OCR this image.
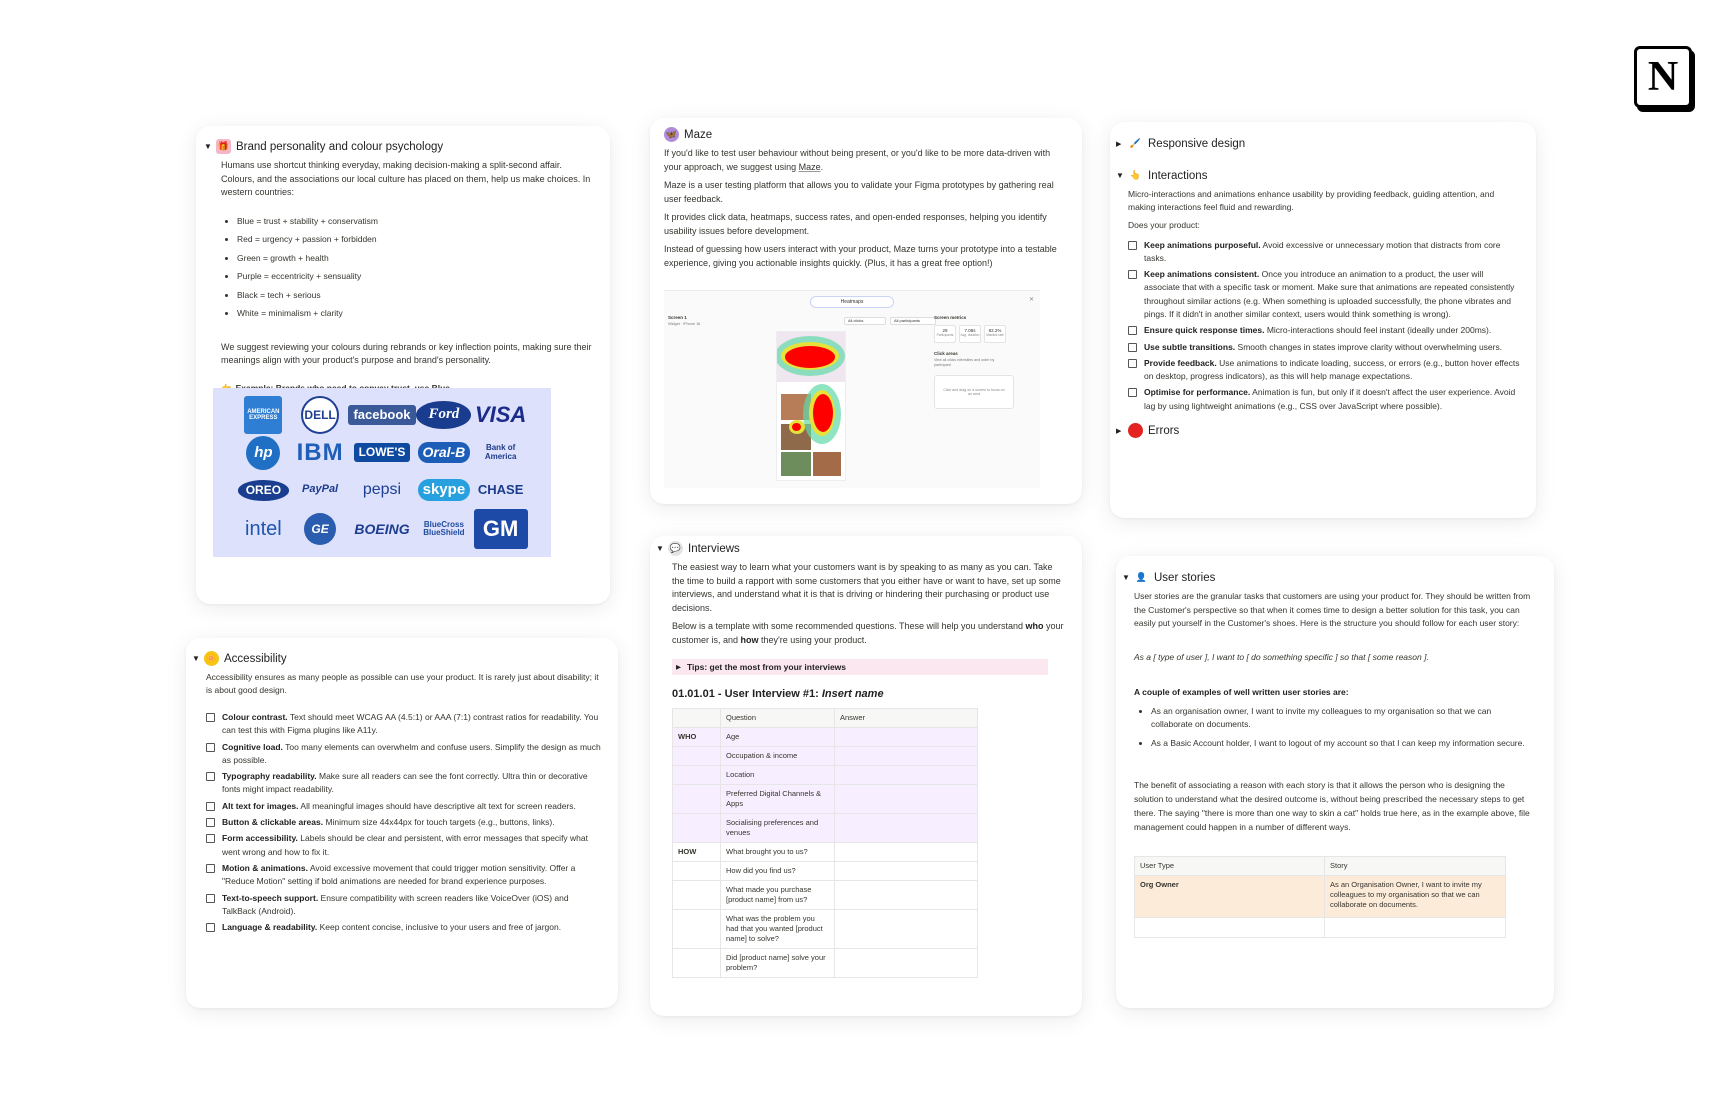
N
▼ 🎁 Brand personality and colour psychology

Humans use shortcut thinking everyday, making decision-making a split-second affair. Colours, and the associations our local culture has placed on them, help us make choices. In western countries:

• Blue = trust + stability + conservatism
• Red = urgency + passion + forbidden
• Green = growth + health
• Purple = eccentricity + sensuality
• Black = tech + serious
• White = minimalism + clarity

We suggest reviewing your colours during rebrands or key inflection points, making sure their meanings align with your product's purpose and brand's personality.

AMERICAN EXPRESS	DELL	facebook	Ford VISA
hp	IBM	LOWE'S	Oral-B	Bank of America
OREO	PayPal pepsi	skype CHASE
intel	GE	BOEING	BlueCross BlueShield GM
▼ 🌼 Accessibility

Accessibility ensures as many people as possible can use your product. It is rarely just about disability; it is about good design.

Colour contrast. Text should meet WCAG AA (4.5:1) or AAA (7:1) contrast ratios for readability. You can test this with Figma plugins like A11y.
Cognitive load. Too many elements can overwhelm and confuse users. Simplify the design as much as possible.
Typography readability. Make sure all readers can see the font correctly. Ultra thin or decorative fonts might impact readability.
Alt text for images. All meaningful images should have descriptive alt text for screen readers.
Button & clickable areas. Minimum size 44x44px for touch targets (e.g., buttons, links).
Form accessibility. Labels should be clear and persistent, with error messages that specify what went wrong and how to fix it.
Motion & animations. Avoid excessive movement that could trigger motion sensitivity. Offer a "Reduce Motion" setting if bold animations are needed for brand experience purposes.
Text-to-speech support. Ensure compatibility with screen readers like VoiceOver (iOS) and TalkBack (Android).
Language & readability. Keep content concise, inclusive to your users and free of jargon.
🦋 Maze

If you'd like to test user behaviour without being present, or you'd like to be more data-driven with your approach, we suggest using Maze.

Maze is a user testing platform that allows you to validate your Figma prototypes by gathering real user feedback.

It provides click data, heatmaps, success rates, and open-ended responses, helping you identify usability issues before development.

Instead of guessing how users interact with your product, Maze turns your prototype into a testable experience, giving you actionable insights quickly. (Plus, it has a great free option!)

Heatmaps	✕
Screen 1
Widget · iPhone 16
All clicks	All participants
Screen metrics
29
Participants
7.08s
Avg. duration
82.2%
Misclick rate
Click areas
View all clicks intensities and order by participant
Click and drag on a screen to focus on an area
▼ 💬 Interviews

The easiest way to learn what your customers want is by speaking to as many as you can. Take the time to build a rapport with some customers that you either have or want to have, set up some interviews, and understand what it is that is driving or hindering their purchasing or product use decisions.

Below is a template with some recommended questions. These will help you understand who your customer is, and how they're using your product.

▶ Tips: get the most from your interviews
01.01.01 - User Interview #1: Insert name
	Question	Answer
WHO	Age	
	Occupation & income	
	Location	
	Preferred Digital Channels & Apps	
	Socialising preferences and venues	
HOW	What brought you to us?	
	How did you find us?	
	What made you purchase [product name] from us?	
	What was the problem you had that you wanted [product name] to solve?	
	Did [product name] solve your problem?	
▶ 🖌️ Responsive design
▼ 👆 Interactions

Micro-interactions and animations enhance usability by providing feedback, guiding attention, and making interactions feel fluid and rewarding.

Does your product:

Keep animations purposeful. Avoid excessive or unnecessary motion that distracts from core tasks.
Keep animations consistent. Once you introduce an animation to a product, the user will associate that with a specific task or moment. Make sure that animations are repeated consistently throughout similar actions (e.g. When something is uploaded successfully, the phone vibrates and pings. If it didn't in another similar context, users would think something is wrong).
Ensure quick response times. Micro-interactions should feel instant (ideally under 200ms).
Use subtle transitions. Smooth changes in states improve clarity without overwhelming users.
Provide feedback. Use animations to indicate loading, success, or errors (e.g., button hover effects on desktop, progress indicators), as this will help manage expectations.
Optimise for performance. Animation is fun, but only if it doesn't affect the user experience. Avoid lag by using lightweight animations (e.g., CSS over JavaScript where possible).
▶	Errors
▼ 👤 User stories

User stories are the granular tasks that customers are using your product for. They should be written from the Customer's perspective so that when it comes time to design a better solution for this task, you can easily put yourself in the Customer's shoes. Here is the structure you should follow for each user story:

As a [ type of user ], I want to [ do something specific ] so that [ some reason ].

A couple of examples of well written user stories are:

• As an organisation owner, I want to invite my colleagues to my organisation so that we can collaborate on documents.
• As a Basic Account holder, I want to logout of my account so that I can keep my information secure.

The benefit of associating a reason with each story is that it allows the person who is designing the solution to understand what the desired outcome is, without being prescribed the necessary steps to get there. The saying "there is more than one way to skin a cat" holds true here, as in the example above, file management could happen in a number of different ways.

User Type	Story
Org Owner	As an Organisation Owner, I want to invite my colleagues to my organisation so that we can collaborate on documents.
